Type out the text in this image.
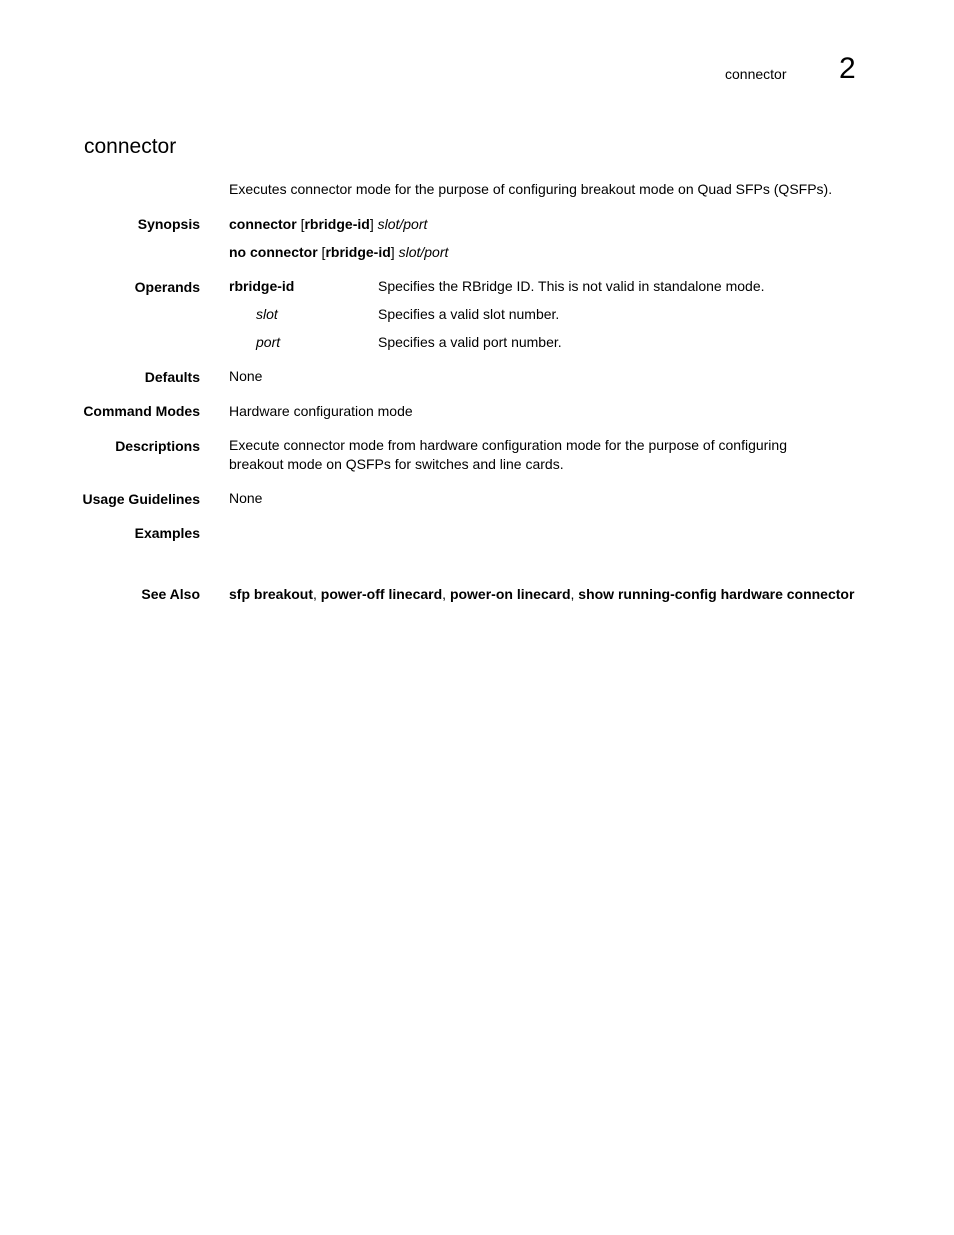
connector 2
connector
Executes connector mode for the purpose of configuring breakout mode on Quad SFPs (QSFPs).
Synopsis connector [rbridge-id] slot/port
no connector [rbridge-id] slot/port
Operands rbridge-id	Specifies the RBridge ID. This is not valid in standalone mode.
slot	Specifies a valid slot number.
port	Specifies a valid port number.
Defaults None
Command Modes Hardware configuration mode
Descriptions Execute connector mode from hardware configuration mode for the purpose of configuring breakout mode on QSFPs for switches and line cards.
Usage Guidelines None
Examples
See Also sfp breakout, power-off linecard, power-on linecard, show running-config hardware connector
